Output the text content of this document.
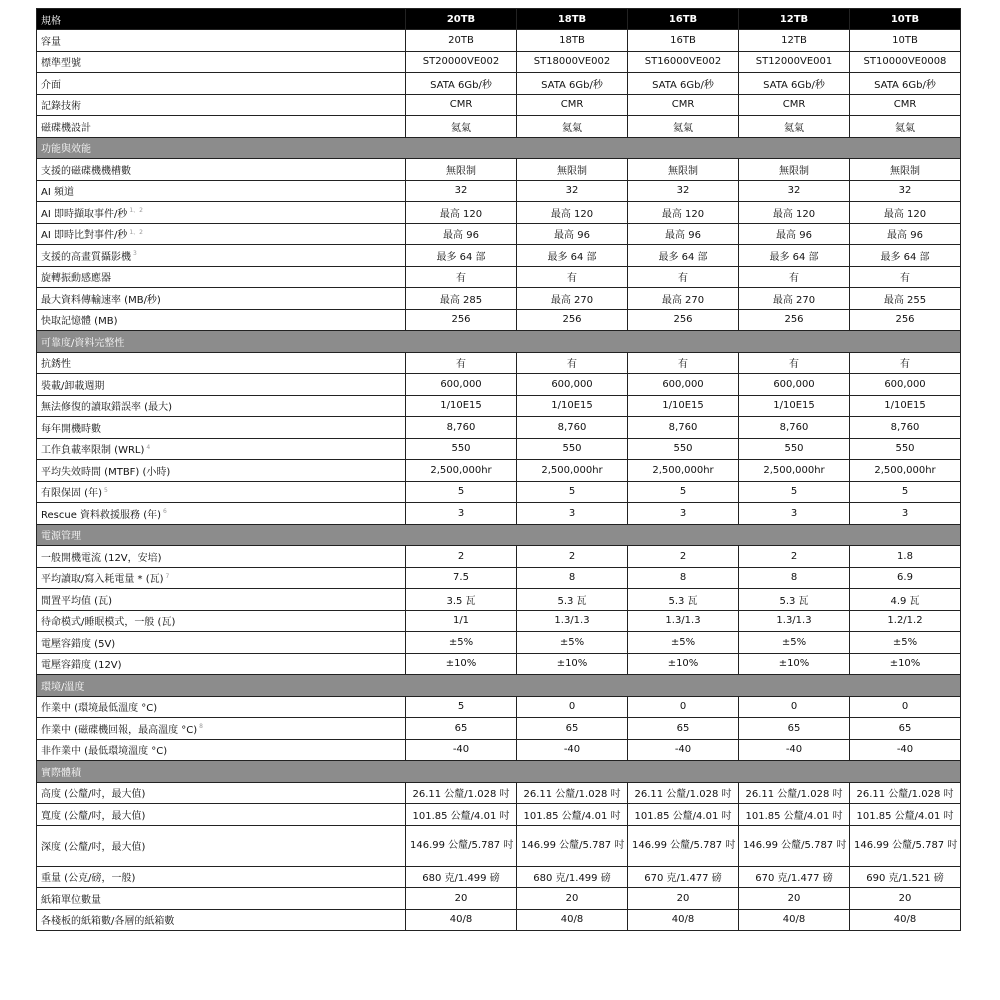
規格	20TB	18TB	16TB	12TB	10TB
容量	20TB	18TB	16TB	12TB	10TB
標準型號	ST20000VE002	ST18000VE002	ST16000VE002	ST12000VE001	ST10000VE0008
介面	SATA 6Gb/秒	SATA 6Gb/秒	SATA 6Gb/秒	SATA 6Gb/秒	SATA 6Gb/秒
記錄技術	CMR	CMR	CMR	CMR	CMR
磁碟機設計	氦氣	氦氣	氦氣	氦氣	氦氣
功能與效能					
支援的磁碟機機槽數	無限制	無限制	無限制	無限制	無限制
AI 頻道	32	32	32	32	32
AI 即時擷取事件/秒 $^{1、2}$	最高 120	最高 120	最高 120	最高 120	最高 120
AI 即時比對事件/秒 $^{1、2}$	最高 96	最高 96	最高 96	最高 96	最高 96
支援的高畫質攝影機 $^3$	最多 64 部	最多 64 部	最多 64 部	最多 64 部	最多 64 部
旋轉振動感應器	有	有	有	有	有
最大資料傳輸速率 (MB/秒)	最高 285	最高 270	最高 270	最高 270	最高 255
快取記憶體 (MB)	256	256	256	256	256
可靠度/資料完整性					
抗銹性	有	有	有	有	有
裝載/卸載週期	600,000	600,000	600,000	600,000	600,000
無法修復的讀取錯誤率 (最大)	1/10E15	1/10E15	1/10E15	1/10E15	1/10E15
每年開機時數	8,760	8,760	8,760	8,760	8,760
工作負載率限制 (WRL) $^4$	550	550	550	550	550
平均失效時間 (MTBF) (小時)	2,500,000hr	2,500,000hr	2,500,000hr	2,500,000hr	2,500,000hr
有限保固 (年) $^5$	5	5	5	5	5
Rescue 資料救援服務 (年) $^6$	3	3	3	3	3
電源管理					
一般開機電流 (12V，安培)	2	2	2	2	1.8
平均讀取/寫入耗電量 * (瓦) $^7$	7.5	8	8	8	6.9
閒置平均值 (瓦)	3.5 瓦	5.3 瓦	5.3 瓦	5.3 瓦	4.9 瓦
待命模式/睡眠模式，一般 (瓦)	1/1	1.3/1.3	1.3/1.3	1.3/1.3	1.2/1.2
電壓容錯度 (5V)	±5%	±5%	±5%	±5%	±5%
電壓容錯度 (12V)	±10%	±10%	±10%	±10%	±10%
環境/溫度					
作業中 (環境最低溫度 °C)	5	0	0	0	0
作業中 (磁碟機回報，最高溫度 °C) $^8$	65	65	65	65	65
非作業中 (最低環境溫度 °C)	-40	-40	-40	-40	-40
實際體積					
高度 (公釐/吋，最大值)	26.11 公釐/1.028 吋	26.11 公釐/1.028 吋	26.11 公釐/1.028 吋	26.11 公釐/1.028 吋	26.11 公釐/1.028 吋
寬度 (公釐/吋，最大值)	101.85 公釐/4.01 吋	101.85 公釐/4.01 吋	101.85 公釐/4.01 吋	101.85 公釐/4.01 吋	101.85 公釐/4.01 吋
深度 (公釐/吋，最大值)	146.99 公釐/5.787 吋	146.99 公釐/5.787 吋	146.99 公釐/5.787 吋	146.99 公釐/5.787 吋	146.99 公釐/5.787 吋
重量 (公克/磅，一般)	680 克/1.499 磅	680 克/1.499 磅	670 克/1.477 磅	670 克/1.477 磅	690 克/1.521 磅
紙箱單位數量	20	20	20	20	20
各棧板的紙箱數/各層的紙箱數	40/8	40/8	40/8	40/8	40/8
